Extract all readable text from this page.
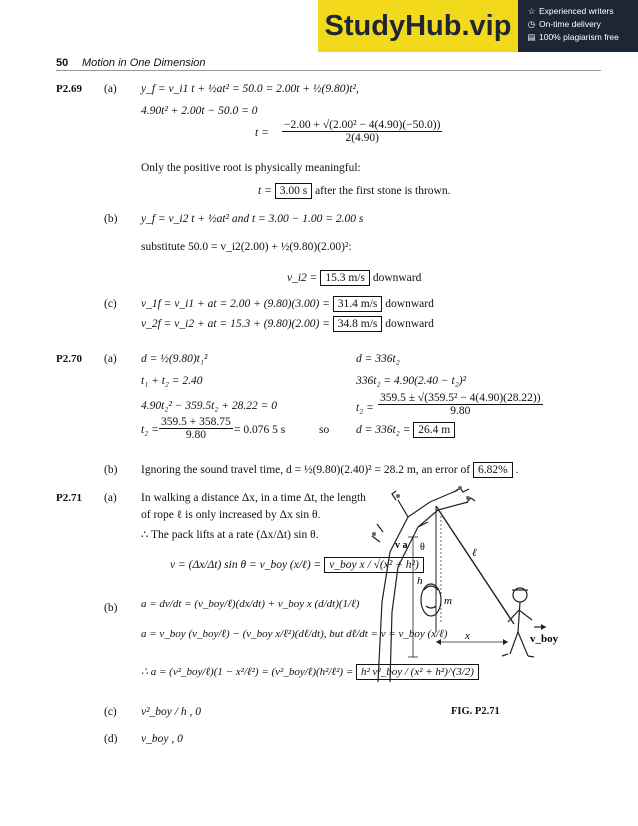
StudyHub.vip	☆ Experienced writers
◷ On-time delivery
▤ 100% plagiarism free
50 Motion in One Dimension
P2.69 (a) y_f = v_i1 t + ½at² = 50.0 = 2.00t + ½(9.80)t²,
4.90t² + 2.00t − 50.0 = 0
$t = \frac{\text{−2.00 + √(2.00² − 4(4.90)(−50.0))}}{2(4.90)}$
Only the positive root is physically meaningful:
t = 3.00 s after the first stone is thrown.
(b) y_f = v_i2 t + ½at² and t = 3.00 − 1.00 = 2.00 s
substitute 50.0 = v_i2(2.00) + ½(9.80)(2.00)²:
v_i2 = 15.3 m/s downward
(c) v_1f = v_i1 + at = 2.00 + (9.80)(3.00) = 31.4 m/s downward
v_2f = v_i2 + at = 15.3 + (9.80)(2.00) = 34.8 m/s downward
P2.70 (a) d = ½(9.80)t₁²
t₁ + t₂ = 2.40
4.90t₂² − 359.5t₂ + 28.22 = 0
$t_2 = \frac{359.5 + 358.75}{9.80} = 0.076$ 5 s	so
d = 336t₂
336t₂ = 4.90(2.40 − t₂)²
$t_2 = \frac{\text{359.5 ± √(359.5² − 4(4.90)(28.22))}}{9.80}$
d = 336t₂ = 26.4 m
(b) Ignoring the sound travel time, d = ½(9.80)(2.40)² = 28.2 m, an error of 6.82% .
P2.71 (a) In walking a distance Δx, in a time Δt, the length
of rope ℓ is only increased by Δx sin θ.
∴ The pack lifts at a rate (Δx/Δt) sin θ.
v = (Δx/Δt) sin θ = v_boy (x/ℓ) = v_boy x / √(x² + h²)
(b) a = dv/dt = (v_boy/ℓ)(dx/dt) + v_boy x (d/dt)(1/ℓ)
a = v_boy (v_boy/ℓ) − (v_boy x/ℓ²)(dℓ/dt), but dℓ/dt = v = v_boy (x/ℓ)
∴ a = (v²_boy/ℓ)(1 − x²/ℓ²) = (v²_boy/ℓ)(h²/ℓ²) = h² v²_boy / (x² + h²)^(3/2)
(c) v²_boy / h , 0
(d) v_boy , 0
h
v a θ
m
ℓ
x	v_boy
FIG. P2.71
